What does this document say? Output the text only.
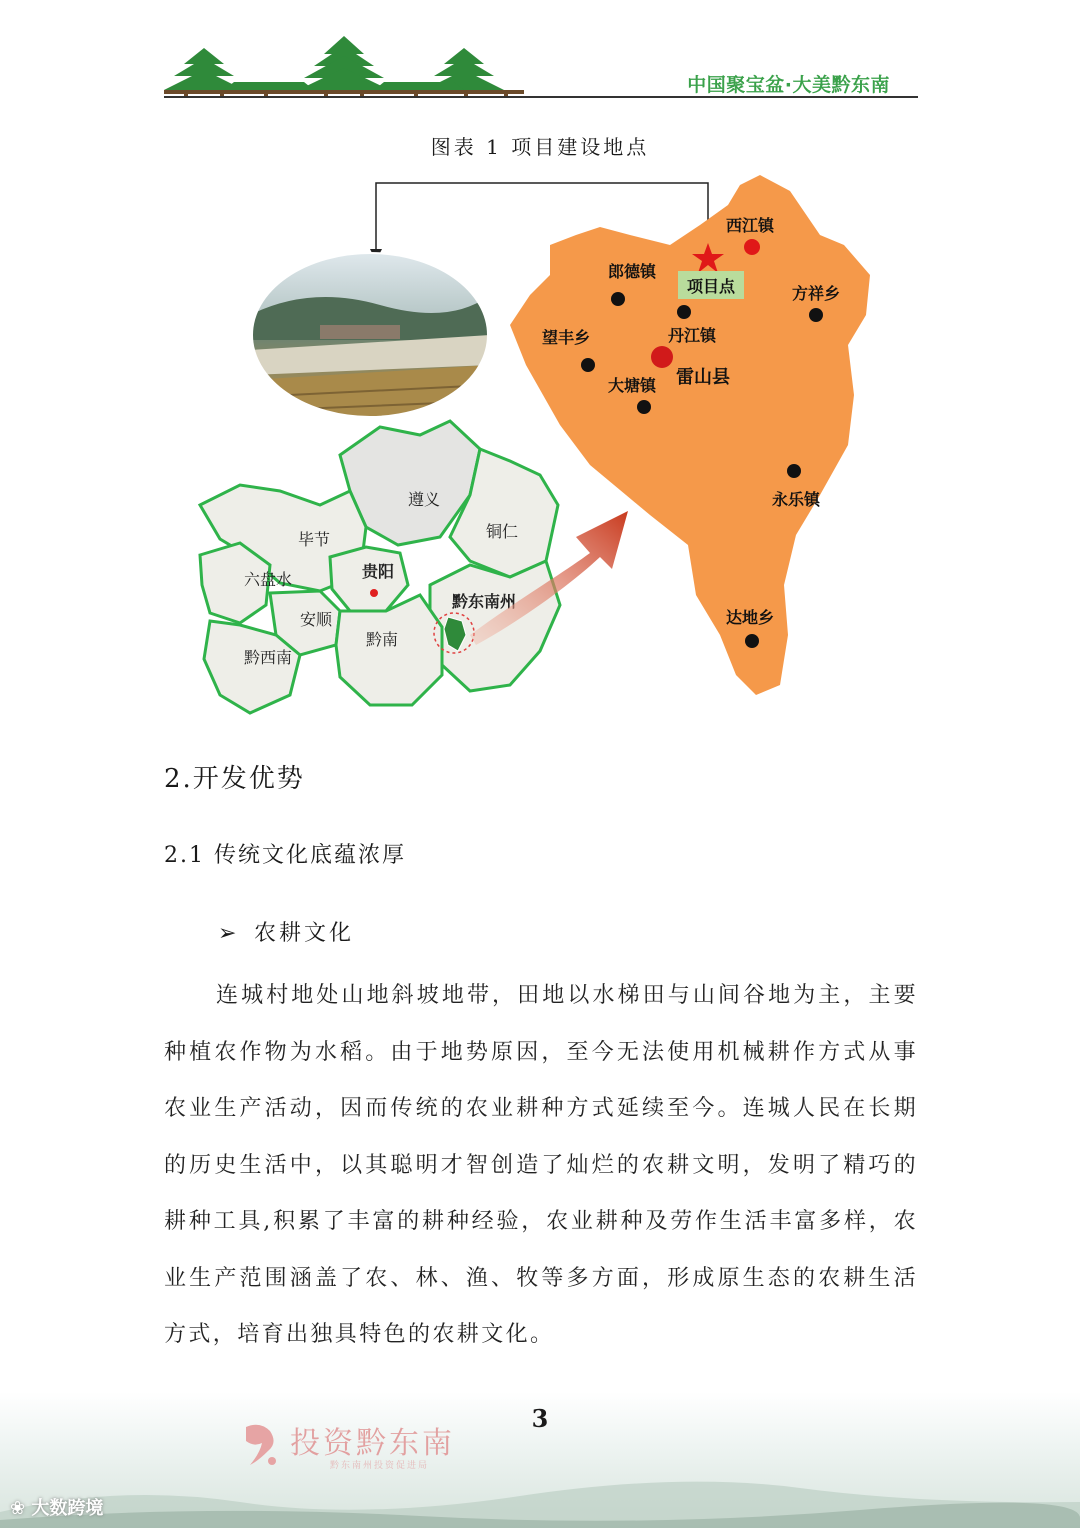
中国聚宝盆·大美黔东南
图表 1 项目建设地点
遵义
铜仁
毕节
贵阳
六盘水
黔东南州
安顺
黔南
黔西南
项目点
西江镇
郎德镇
方祥乡
丹江镇
望丰乡
雷山县
大塘镇
永乐镇
达地乡
2.开发优势
2.1 传统文化底蕴浓厚
➢ 农耕文化
连城村地处山地斜坡地带，田地以水梯田与山间谷地为主，主要种植农作物为水稻。由于地势原因，至今无法使用机械耕作方式从事农业生产活动，因而传统的农业耕种方式延续至今。连城人民在长期的历史生活中，以其聪明才智创造了灿烂的农耕文明，发明了精巧的耕种工具,积累了丰富的耕种经验，农业耕种及劳作生活丰富多样，农业生产范围涵盖了农、林、渔、牧等多方面，形成原生态的农耕生活方式，培育出独具特色的农耕文化。
3
投资黔东南
黔东南州投资促进局
❀ 大数跨境
